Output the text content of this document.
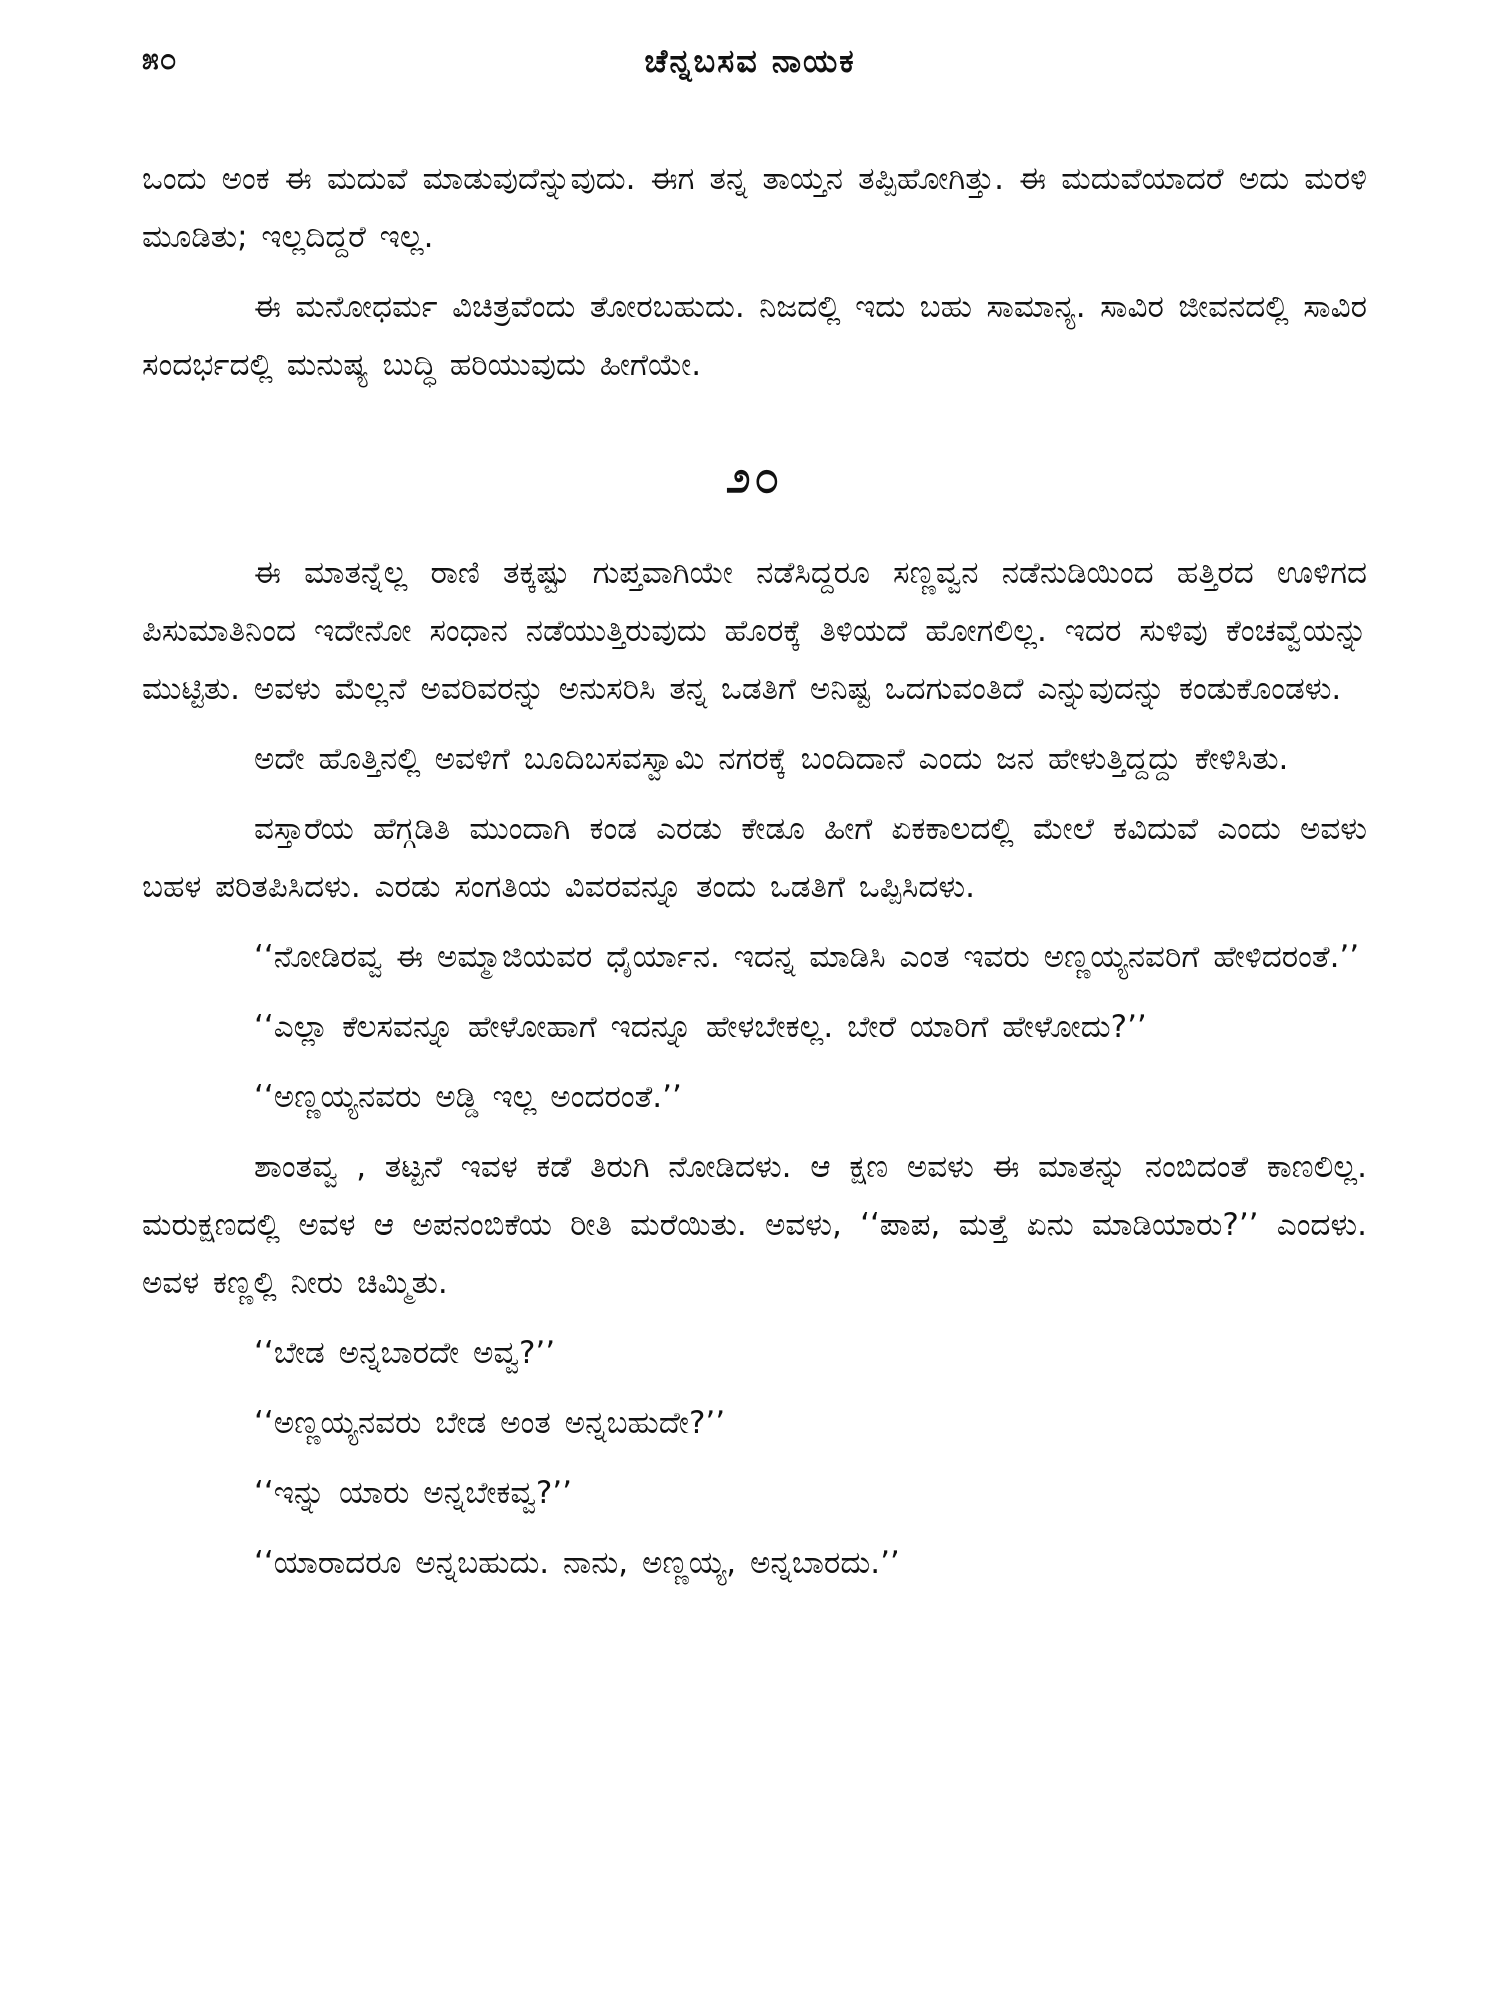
೫೦	ಚೆನ್ನಬಸವ ನಾಯಕ

ಒಂದು ಅಂಕ ಈ ಮದುವೆ ಮಾಡುವುದೆನ್ನುವುದು. ಈಗ ತನ್ನ ತಾಯ್ತನ ತಪ್ಪಿಹೋಗಿತ್ತು. ಈ ಮದುವೆಯಾದರೆ ಅದು ಮರಳಿ ಮೂಡಿತು; ಇಲ್ಲದಿದ್ದರೆ ಇಲ್ಲ.

ಈ ಮನೋಧರ್ಮ ವಿಚಿತ್ರವೆಂದು ತೋರಬಹುದು. ನಿಜದಲ್ಲಿ ಇದು ಬಹು ಸಾಮಾನ್ಯ. ಸಾವಿರ ಜೀವನದಲ್ಲಿ ಸಾವಿರ ಸಂದರ್ಭದಲ್ಲಿ ಮನುಷ್ಯ ಬುದ್ಧಿ ಹರಿಯುವುದು ಹೀಗೆಯೇ.

೨೦

ಈ ಮಾತನ್ನೆಲ್ಲ ರಾಣಿ ತಕ್ಕಷ್ಟು ಗುಪ್ತವಾಗಿಯೇ ನಡೆಸಿದ್ದರೂ ಸಣ್ಣವ್ವನ ನಡೆನುಡಿಯಿಂದ ಹತ್ತಿರದ ಊಳಿಗದ ಪಿಸುಮಾತಿನಿಂದ ಇದೇನೋ ಸಂಧಾನ ನಡೆಯುತ್ತಿರುವುದು ಹೊರಕ್ಕೆ ತಿಳಿಯದೆ ಹೋಗಲಿಲ್ಲ. ಇದರ ಸುಳಿವು ಕೆಂಚವ್ವೆಯನ್ನು ಮುಟ್ಟಿತು. ಅವಳು ಮೆಲ್ಲನೆ ಅವರಿವರನ್ನು ಅನುಸರಿಸಿ ತನ್ನ ಒಡತಿಗೆ ಅನಿಷ್ಟ ಒದಗುವಂತಿದೆ ಎನ್ನುವುದನ್ನು ಕಂಡುಕೊಂಡಳು.

ಅದೇ ಹೊತ್ತಿನಲ್ಲಿ ಅವಳಿಗೆ ಬೂದಿಬಸವಸ್ವಾಮಿ ನಗರಕ್ಕೆ ಬಂದಿದಾನೆ ಎಂದು ಜನ ಹೇಳುತ್ತಿದ್ದದ್ದು ಕೇಳಿಸಿತು.

ವಸ್ತಾರೆಯ ಹೆಗ್ಗಡಿತಿ ಮುಂದಾಗಿ ಕಂಡ ಎರಡು ಕೇಡೂ ಹೀಗೆ ಏಕಕಾಲದಲ್ಲಿ ಮೇಲೆ ಕವಿದುವೆ ಎಂದು ಅವಳು ಬಹಳ ಪರಿತಪಿಸಿದಳು. ಎರಡು ಸಂಗತಿಯ ವಿವರವನ್ನೂ ತಂದು ಒಡತಿಗೆ ಒಪ್ಪಿಸಿದಳು.

‘‘ನೋಡಿರವ್ವ ಈ ಅಮ್ಮಾಜಿಯವರ ಧೈರ್ಯಾನ. ಇದನ್ನ ಮಾಡಿಸಿ ಎಂತ ಇವರು ಅಣ್ಣಯ್ಯನವರಿಗೆ ಹೇಳಿದರಂತೆ.’’

‘‘ಎಲ್ಲಾ ಕೆಲಸವನ್ನೂ ಹೇಳೋಹಾಗೆ ಇದನ್ನೂ ಹೇಳಬೇಕಲ್ಲ. ಬೇರೆ ಯಾರಿಗೆ ಹೇಳೋದು?’’

‘‘ಅಣ್ಣಯ್ಯನವರು ಅಡ್ಡಿ ಇಲ್ಲ ಅಂದರಂತೆ.’’

ಶಾಂತವ್ವ , ತಟ್ಟನೆ ಇವಳ ಕಡೆ ತಿರುಗಿ ನೋಡಿದಳು. ಆ ಕ್ಷಣ ಅವಳು ಈ ಮಾತನ್ನು ನಂಬಿದಂತೆ ಕಾಣಲಿಲ್ಲ. ಮರುಕ್ಷಣದಲ್ಲಿ ಅವಳ ಆ ಅಪನಂಬಿಕೆಯ ರೀತಿ ಮರೆಯಿತು. ಅವಳು, ‘‘ಪಾಪ, ಮತ್ತೆ ಏನು ಮಾಡಿಯಾರು?’’ ಎಂದಳು. ಅವಳ ಕಣ್ಣಲ್ಲಿ ನೀರು ಚಿಮ್ಮಿತು.

‘‘ಬೇಡ ಅನ್ನಬಾರದೇ ಅವ್ವ?’’

‘‘ಅಣ್ಣಯ್ಯನವರು ಬೇಡ ಅಂತ ಅನ್ನಬಹುದೇ?’’

‘‘ಇನ್ನು ಯಾರು ಅನ್ನಬೇಕವ್ವ?’’

‘‘ಯಾರಾದರೂ ಅನ್ನಬಹುದು. ನಾನು, ಅಣ್ಣಯ್ಯ, ಅನ್ನಬಾರದು.’’
